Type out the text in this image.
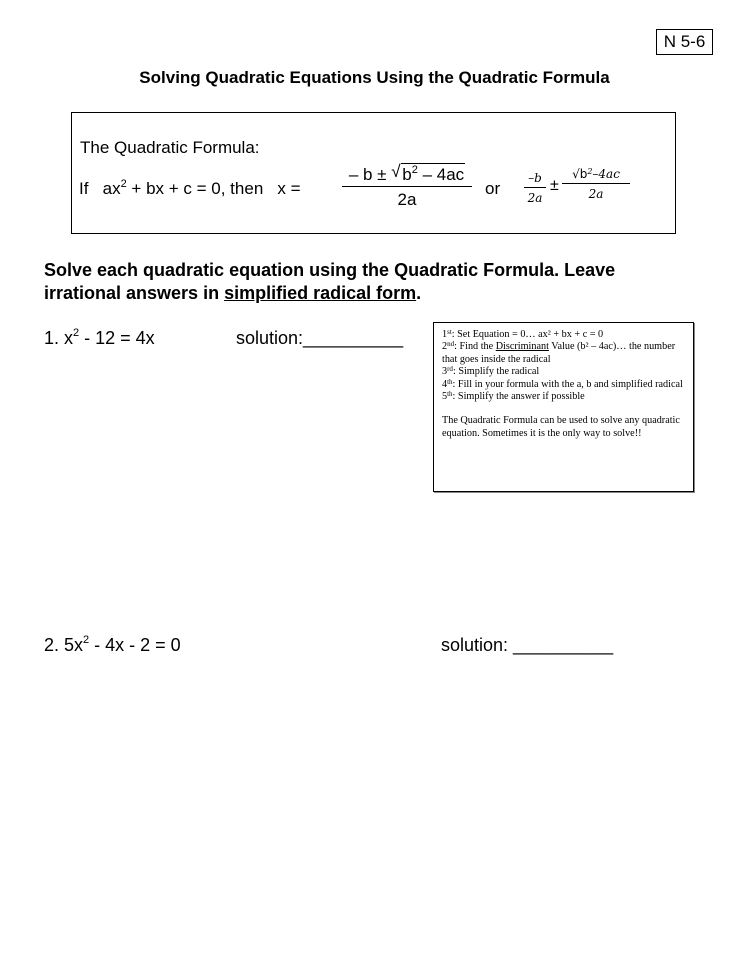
N 5-6
Solving Quadratic Equations Using the Quadratic Formula
The Quadratic Formula:
If   $ax^2$ + bx + c = 0, then   x =
– b ± √ $b^2 - 4ac$
2a
or
–b
2a
±
$√b^2-4ac$
2a
Solve each quadratic equation using the Quadratic Formula. Leave irrational answers in simplified radical form.
1. $x^2 - 12 = 4x$	solution:__________	1st: Set Equation = 0… ax² + bx + c = 0

2nd: Find the Discriminant Value (b² – 4ac)… the number that goes inside the radical

3rd: Simplify the radical

4th: Fill in your formula with the a, b and simplified radical

5th: Simplify the answer if possible

The Quadratic Formula can be used to solve any quadratic equation. Sometimes it is the only way to solve!!

2. $5x^2 - 4x - 2 = 0$	solution: __________
